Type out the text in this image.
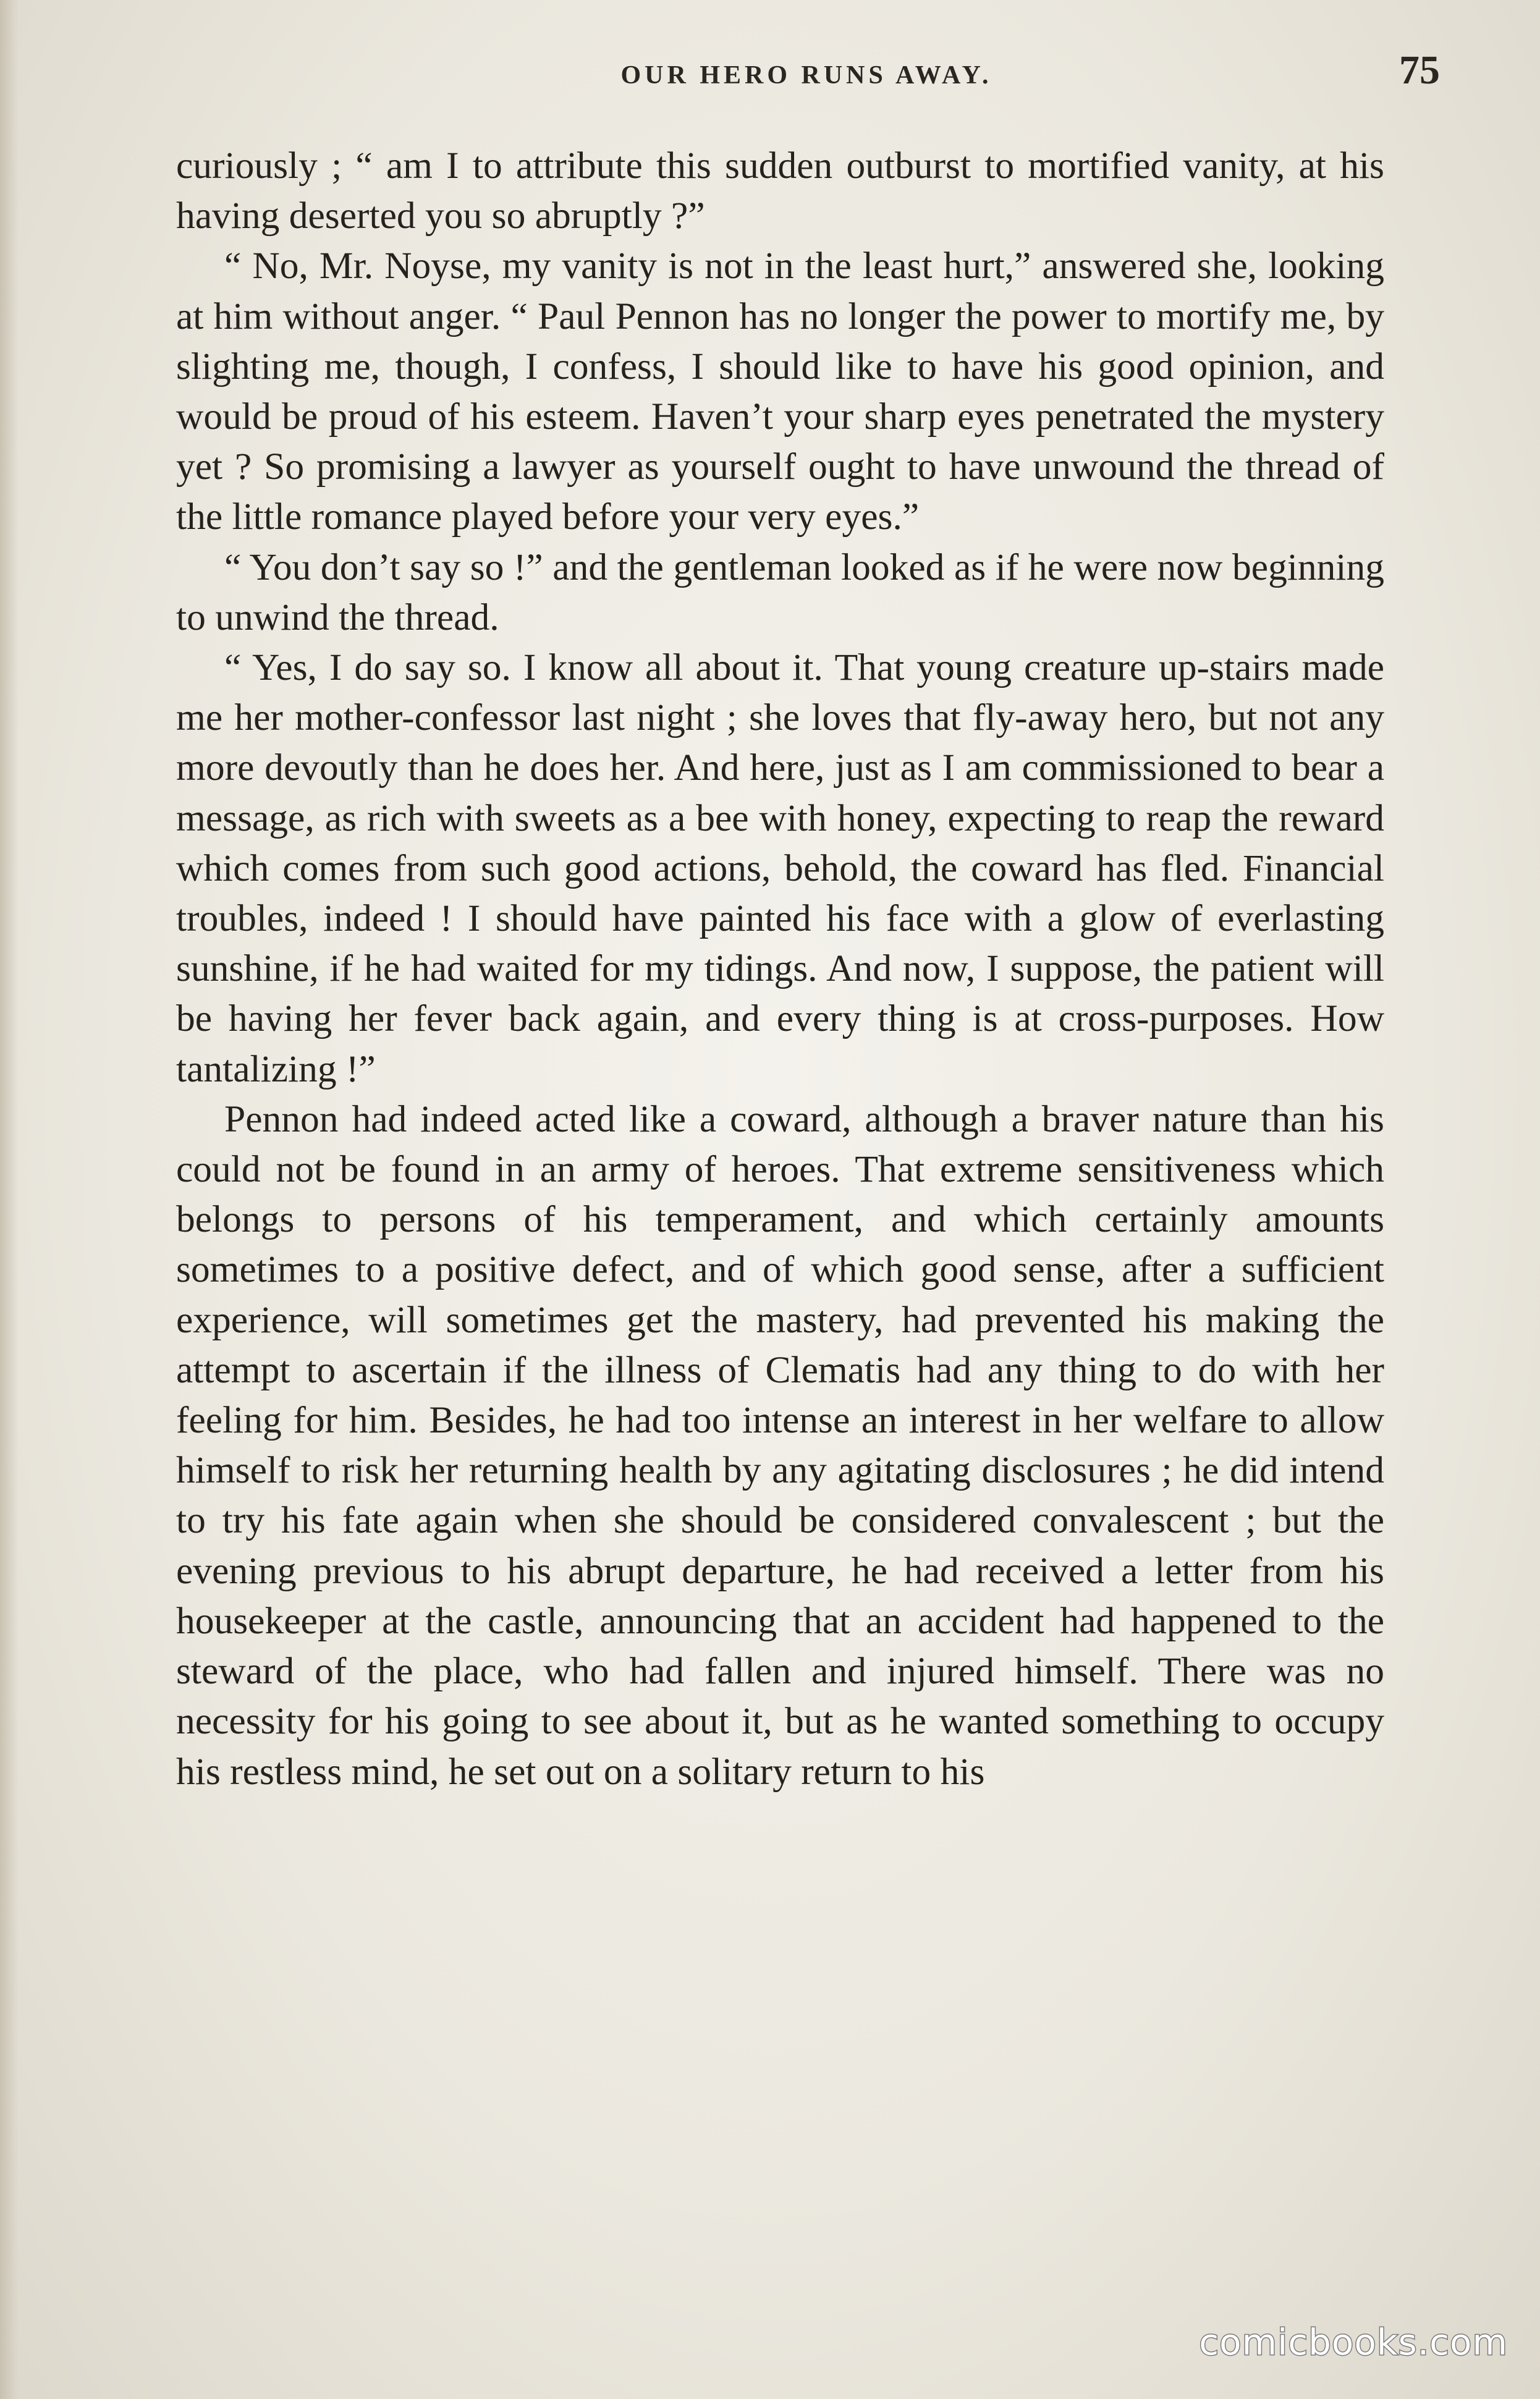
OUR HERO RUNS AWAY.	75

curiously ; “ am I to attribute this sudden outburst to mortified vanity, at his having deserted you so abruptly ?”

“ No, Mr. Noyse, my vanity is not in the least hurt,” answered she, looking at him without anger. “ Paul Pennon has no longer the power to mortify me, by slighting me, though, I confess, I should like to have his good opinion, and would be proud of his esteem. Haven’t your sharp eyes penetrated the mystery yet ? So promising a lawyer as yourself ought to have unwound the thread of the little romance played before your very eyes.”

“ You don’t say so !” and the gentleman looked as if he were now beginning to unwind the thread.

“ Yes, I do say so. I know all about it. That young creature up-stairs made me her mother-confessor last night ; she loves that fly-away hero, but not any more devoutly than he does her. And here, just as I am commissioned to bear a message, as rich with sweets as a bee with honey, expecting to reap the reward which comes from such good actions, behold, the coward has fled. Financial troubles, indeed ! I should have painted his face with a glow of everlasting sunshine, if he had waited for my tidings. And now, I suppose, the patient will be having her fever back again, and every thing is at cross-purposes. How tantalizing !”

Pennon had indeed acted like a coward, although a braver nature than his could not be found in an army of heroes. That extreme sensitiveness which belongs to persons of his temperament, and which certainly amounts sometimes to a positive defect, and of which good sense, after a sufficient experience, will sometimes get the mastery, had prevented his making the attempt to ascertain if the illness of Clematis had any thing to do with her feeling for him. Besides, he had too intense an interest in her welfare to allow himself to risk her returning health by any agitating disclosures ; he did intend to try his fate again when she should be considered convalescent ; but the evening previous to his abrupt departure, he had received a letter from his housekeeper at the castle, announcing that an accident had happened to the steward of the place, who had fallen and injured himself. There was no necessity for his going to see about it, but as he wanted something to occupy his restless mind, he set out on a solitary return to his

comicbooks.com
